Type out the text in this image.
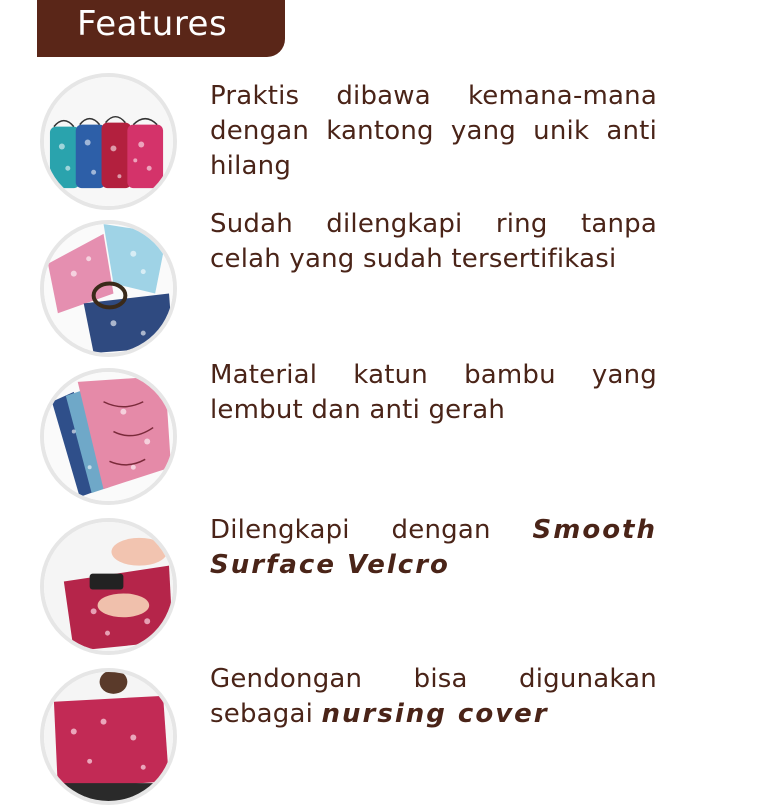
Features

Praktis dibawa kemana-mana dengan kantong yang unik anti hilang

Sudah dilengkapi ring tanpa celah yang sudah tersertifikasi

Material katun bambu yang lembut dan anti gerah

Dilengkapi dengan Smooth Surface Velcro

Gendongan bisa digunakan sebagai nursing cover
